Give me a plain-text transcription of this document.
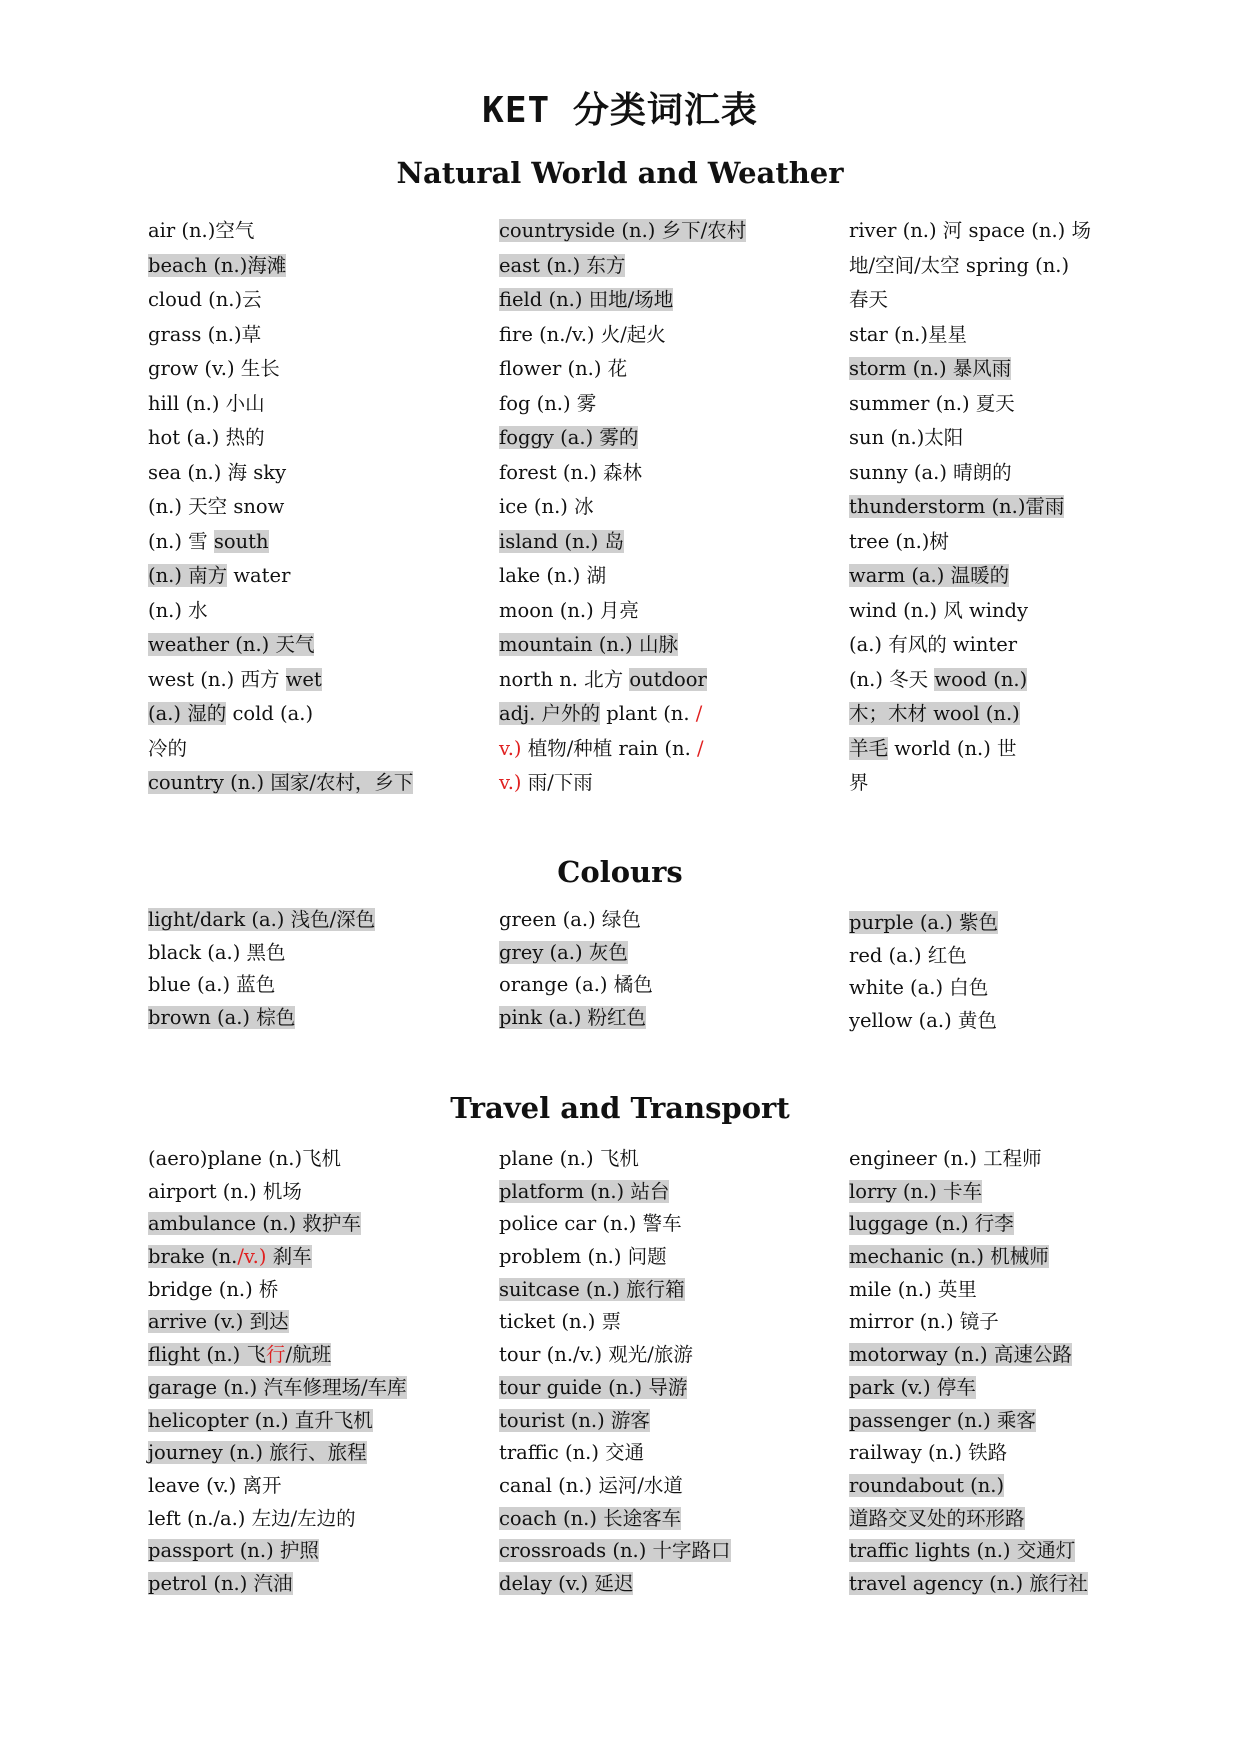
KET 分类词汇表
Natural World and Weather
air (n.)空气
beach (n.)海滩
cloud (n.)云
grass (n.)草
grow (v.) 生长
hill (n.) 小山
hot (a.) 热的
sea (n.) 海 sky
(n.) 天空 snow
(n.) 雪 south
(n.) 南方 water
(n.) 水
weather (n.) 天气
west (n.) 西方 wet
(a.) 湿的 cold (a.)
冷的
country (n.) 国家/农村，乡下
countryside (n.) 乡下/农村
east (n.) 东方
field (n.) 田地/场地
fire (n./v.) 火/起火
flower (n.) 花
fog (n.) 雾
foggy (a.) 雾的
forest (n.) 森林
ice (n.) 冰
island (n.) 岛
lake (n.) 湖
moon (n.) 月亮
mountain (n.) 山脉
north n. 北方 outdoor
adj. 户外的 plant (n. /
v.) 植物/种植 rain (n. /
v.) 雨/下雨
river (n.) 河 space (n.) 场
地/空间/太空 spring (n.)
春天
star (n.)星星
storm (n.) 暴风雨
summer (n.) 夏天
sun (n.)太阳
sunny (a.) 晴朗的
thunderstorm (n.)雷雨
tree (n.)树
warm (a.) 温暖的
wind (n.) 风 windy
(a.) 有风的 winter
(n.) 冬天 wood (n.)
木；木材 wool (n.)
羊毛 world (n.) 世
界
Colours
light/dark (a.) 浅色/深色
black (a.) 黑色
blue (a.) 蓝色
brown (a.) 棕色
green (a.) 绿色
grey (a.) 灰色
orange (a.) 橘色
pink (a.) 粉红色
purple (a.) 紫色
red (a.) 红色
white (a.) 白色
yellow (a.) 黄色
Travel and Transport
(aero)plane (n.)飞机
airport (n.) 机场
ambulance (n.) 救护车
brake (n./v.) 刹车
bridge (n.) 桥
arrive (v.) 到达
flight (n.) 飞行/航班
garage (n.) 汽车修理场/车库
helicopter (n.) 直升飞机
journey (n.) 旅行、旅程
leave (v.) 离开
left (n./a.) 左边/左边的
passport (n.) 护照
petrol (n.) 汽油
plane (n.) 飞机
platform (n.) 站台
police car (n.) 警车
problem (n.) 问题
suitcase (n.) 旅行箱
ticket (n.) 票
tour (n./v.) 观光/旅游
tour guide (n.) 导游
tourist (n.) 游客
traffic (n.) 交通
canal (n.) 运河/水道
coach (n.) 长途客车
crossroads (n.) 十字路口
delay (v.) 延迟
engineer (n.) 工程师
lorry (n.) 卡车
luggage (n.) 行李
mechanic (n.) 机械师
mile (n.) 英里
mirror (n.) 镜子
motorway (n.) 高速公路
park (v.) 停车
passenger (n.) 乘客
railway (n.) 铁路
roundabout (n.)
道路交叉处的环形路
traffic lights (n.) 交通灯
travel agency (n.) 旅行社
